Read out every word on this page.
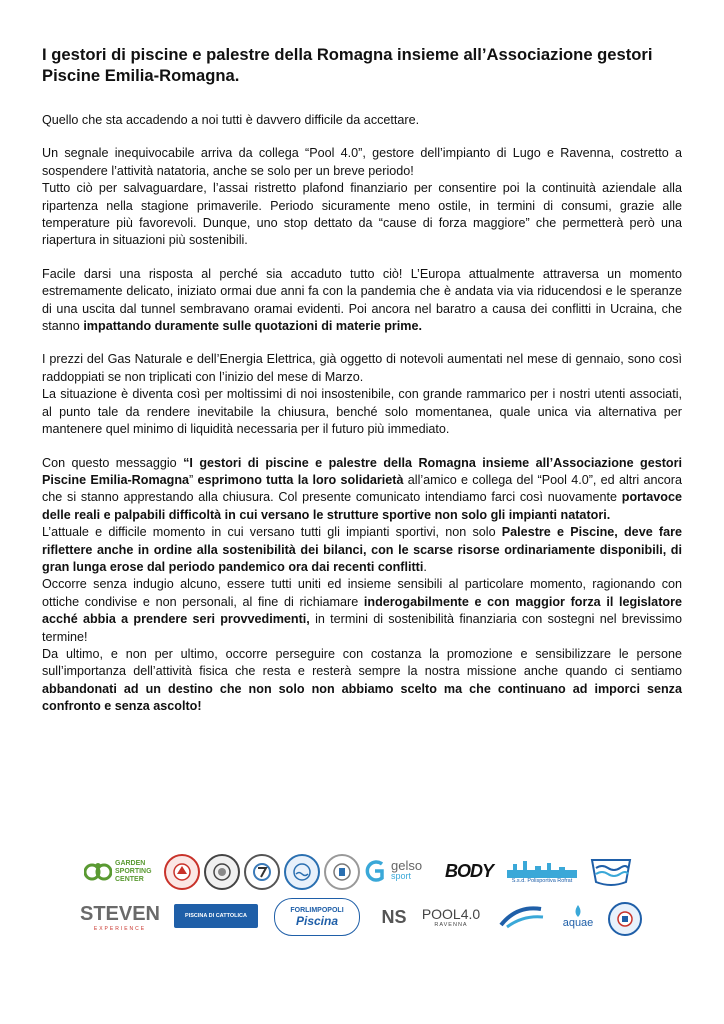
I gestori di piscine e palestre della Romagna insieme all’Associazione gestori Piscine Emilia-Romagna.

Quello che sta accadendo a noi tutti è davvero difficile da accettare.

Un segnale inequivocabile arriva da collega “Pool 4.0”, gestore dell’impianto di Lugo e Ravenna, costretto a sospendere l’attività natatoria, anche se solo per un breve periodo!

Tutto ciò per salvaguardare, l’assai ristretto plafond finanziario per consentire poi la continuità aziendale alla ripartenza nella stagione primaverile. Periodo sicuramente meno ostile, in termini di consumi, grazie alle temperature più favorevoli. Dunque, uno stop dettato da “cause di forza maggiore” che permetterà però una riapertura in situazioni più sostenibili.

Facile darsi una risposta al perché sia accaduto tutto ciò! L’Europa attualmente attraversa un momento estremamente delicato, iniziato ormai due anni fa con la pandemia che è andata via via riducendosi e le speranze di una uscita dal tunnel sembravano oramai evidenti. Poi ancora nel baratro a causa dei conflitti in Ucraina, che stanno impattando duramente sulle quotazioni di materie prime.

I prezzi del Gas Naturale e dell’Energia Elettrica, già oggetto di notevoli aumentati nel mese di gennaio, sono così raddoppiati se non triplicati con l’inizio del mese di Marzo.

La situazione è diventa così per moltissimi di noi insostenibile, con grande rammarico per i nostri utenti associati, al punto tale da rendere inevitabile la chiusura, benché solo momentanea, quale unica via alternativa per mantenere quel minimo di liquidità necessaria per il futuro più immediato.

Con questo messaggio “I gestori di piscine e palestre della Romagna insieme all’Associazione gestori Piscine Emilia-Romagna” esprimono tutta la loro solidarietà all’amico e collega del “Pool 4.0”, ed altri ancora che si stanno apprestando alla chiusura. Col presente comunicato intendiamo farci così nuovamente portavoce delle reali e palpabili difficoltà in cui versano le strutture sportive non solo gli impianti natatori.

L’attuale e difficile momento in cui versano tutti gli impianti sportivi, non solo Palestre e Piscine, deve fare riflettere anche in ordine alla sostenibilità dei bilanci, con le scarse risorse ordinariamente disponibili, di gran lunga erose dal periodo pandemico ora dai recenti conflitti.

Occorre senza indugio alcuno, essere tutti uniti ed insieme sensibili al particolare momento, ragionando con ottiche condivise e non personali, al fine di richiamare inderogabilmente e con maggior forza il legislatore acché abbia a prendere seri provvedimenti, in termini di sostenibilità finanziaria con sostegni nel brevissimo termine!

Da ultimo, e non per ultimo, occorre perseguire con costanza la promozione e sensibilizzare le persone sull’importanza dell’attività fisica che resta e resterà sempre la nostra missione anche quando ci sentiamo abbandonati ad un destino che non solo non abbiamo scelto ma che continuano ad imporci senza confronto e senza ascolto!

GARDEN
SPORTING
CENTER
gelso
sport	BODY
S.s.d. Polisportiva Rofrat
STEVEN
EXPERIENCE
PISCINA DI CATTOLICA
FORLIMPOPOLI
Piscina NS POOL4.0
RAVENNA	aquae
